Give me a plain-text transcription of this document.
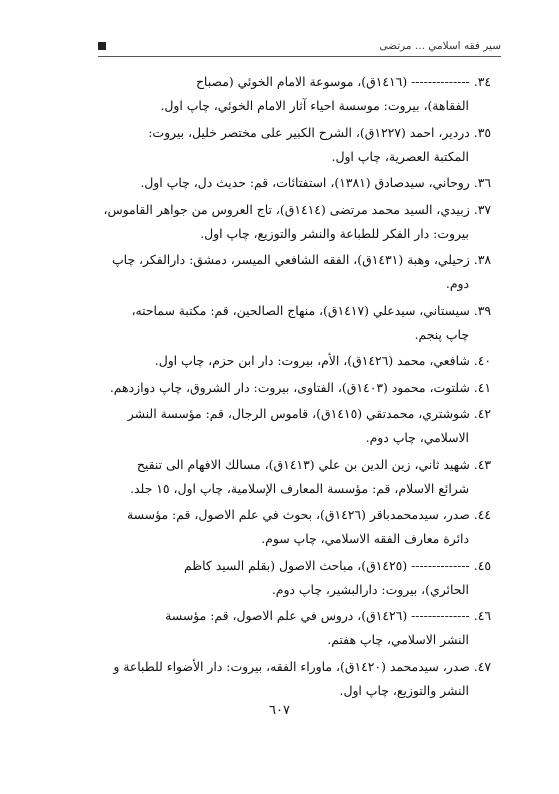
سير فقه اسلامي ... مرتضى
٣٤.-------------- (١٤١٦ق)، موسوعة الامام الخوئي (مصباح
الفقاهة)، بيروت: موسسة احياء آثار الامام الخوئي، چاپ اول.
٣٥.دردير، احمد (١٢٢٧ق)، الشرح الكبير على مختصر خليل، بيروت:
المكتبة العصرية، چاپ اول.
٣٦.روحاني، سيدصادق (١٣٨١)، استفتائات، قم: حديث دل، چاپ اول.
٣٧.زبيدي، السيد محمد مرتضى (١٤١٤ق)، تاج العروس من جواهر القاموس،
بيروت: دار الفكر للطباعة والنشر والتوزيع، چاپ اول.
٣٨.زحيلي، وهبة (١٤٣١ق)، الفقه الشافعي الميسر، دمشق: دارالفكر، چاپ
دوم.
٣٩.سيستاني، سيدعلي (١٤١٧ق)، منهاج الصالحين، قم: مكتبة سماحته،
چاپ پنجم.
٤٠.شافعي، محمد (١٤٢٦ق)، الأم، بيروت: دار ابن حزم، چاپ اول.
٤١.شلتوت، محمود (١٤٠٣ق)، الفتاوى، بيروت: دار الشروق، چاپ دوازدهم.
٤٢.شوشتري، محمدتقي (١٤١٥ق)، قاموس الرجال، قم: مؤسسة النشر
الاسلامي، چاپ دوم.
٤٣.شهيد ثاني، زين الدين بن علي (١٤١٣ق)، مسالك الافهام الى تنقيح
شرائع الاسلام، قم: مؤسسة المعارف الإسلامية، چاپ اول، ١٥ جلد.
٤٤.صدر، سيدمحمدباقر (١٤٢٦ق)، بحوث في علم الاصول، قم: مؤسسة
دائرة معارف الفقه الاسلامي، چاپ سوم.
٤٥.-------------- (١٤٢٥ق)، مباحث الاصول (بقلم السيد كاظم
الحائري)، بيروت: دارالبشير، چاپ دوم.
٤٦.-------------- (١٤٢٦ق)، دروس في علم الاصول، قم: مؤسسة
النشر الاسلامي، چاپ هفتم.
٤٧.صدر، سيدمحمد (١٤٢٠ق)، ماوراء الفقه، بيروت: دار الأضواء للطباعة و
النشر والتوزيع، چاپ اول.
٦٠٧
